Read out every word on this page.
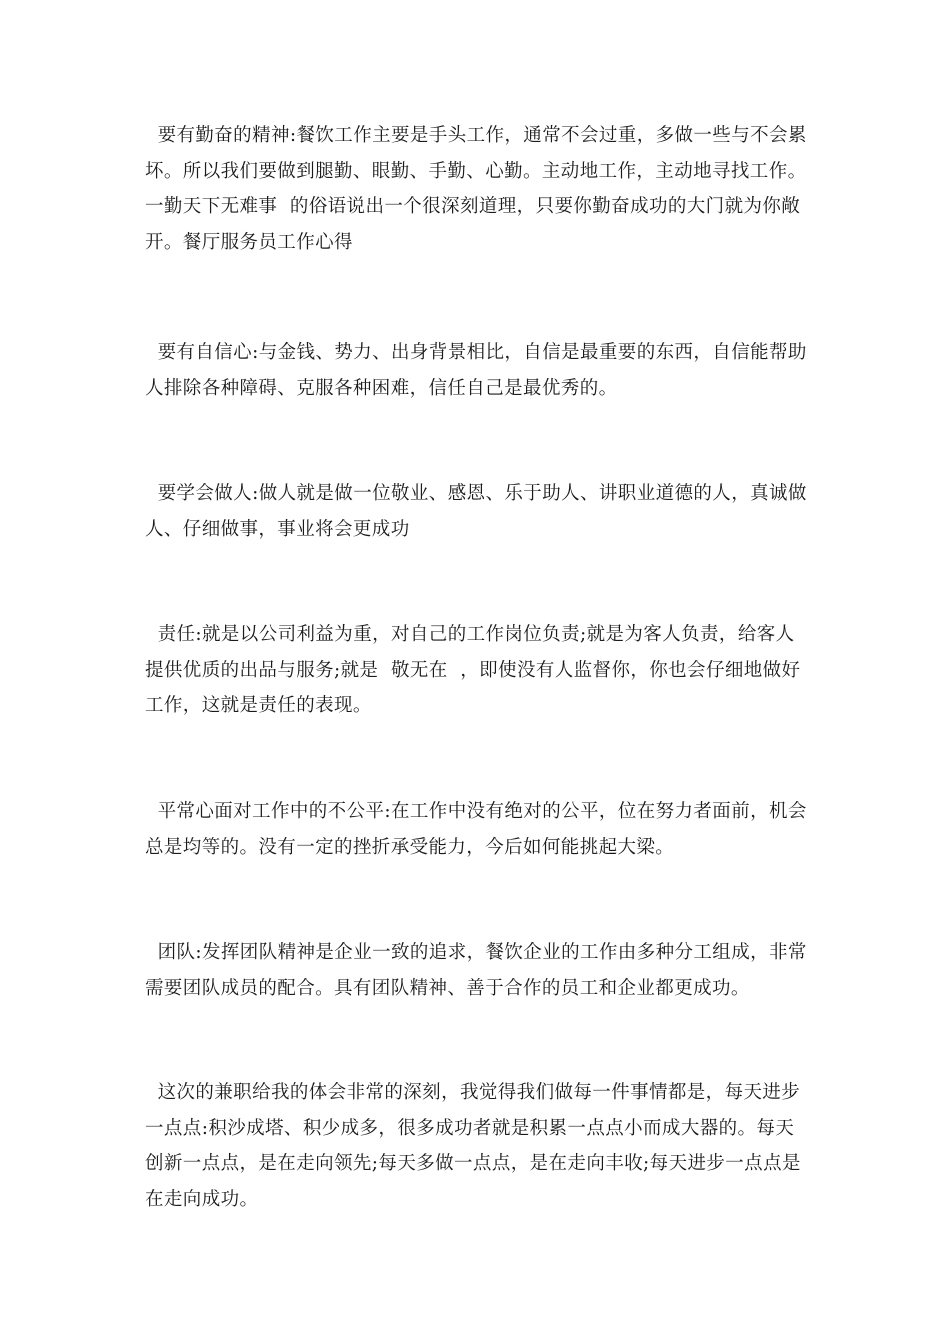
要有勤奋的精神:餐饮工作主要是手头工作，通常不会过重，多做一些与不会累坏。所以我们要做到腿勤、眼勤、手勤、心勤。主动地工作，主动地寻找工作。  一勤天下无难事  的俗语说出一个很深刻道理，只要你勤奋成功的大门就为你敞开。餐厅服务员工作心得

要有自信心:与金钱、势力、出身背景相比，自信是最重要的东西，自信能帮助人排除各种障碍、克服各种困难，信任自己是最优秀的。

要学会做人:做人就是做一位敬业、感恩、乐于助人、讲职业道德的人，真诚做人、仔细做事，事业将会更成功

责任:就是以公司利益为重，对自己的工作岗位负责;就是为客人负责，给客人提供优质的出品与服务;就是  敬无在  ，即使没有人监督你，你也会仔细地做好工作，这就是责任的表现。

平常心面对工作中的不公平:在工作中没有绝对的公平，位在努力者面前，机会总是均等的。没有一定的挫折承受能力，今后如何能挑起大梁。

团队:发挥团队精神是企业一致的追求，餐饮企业的工作由多种分工组成，非常需要团队成员的配合。具有团队精神、善于合作的员工和企业都更成功。

这次的兼职给我的体会非常的深刻，我觉得我们做每一件事情都是，每天进步一点点:积沙成塔、积少成多，很多成功者就是积累一点点小而成大器的。每天创新一点点，是在走向领先;每天多做一点点，是在走向丰收;每天进步一点点是在走向成功。
